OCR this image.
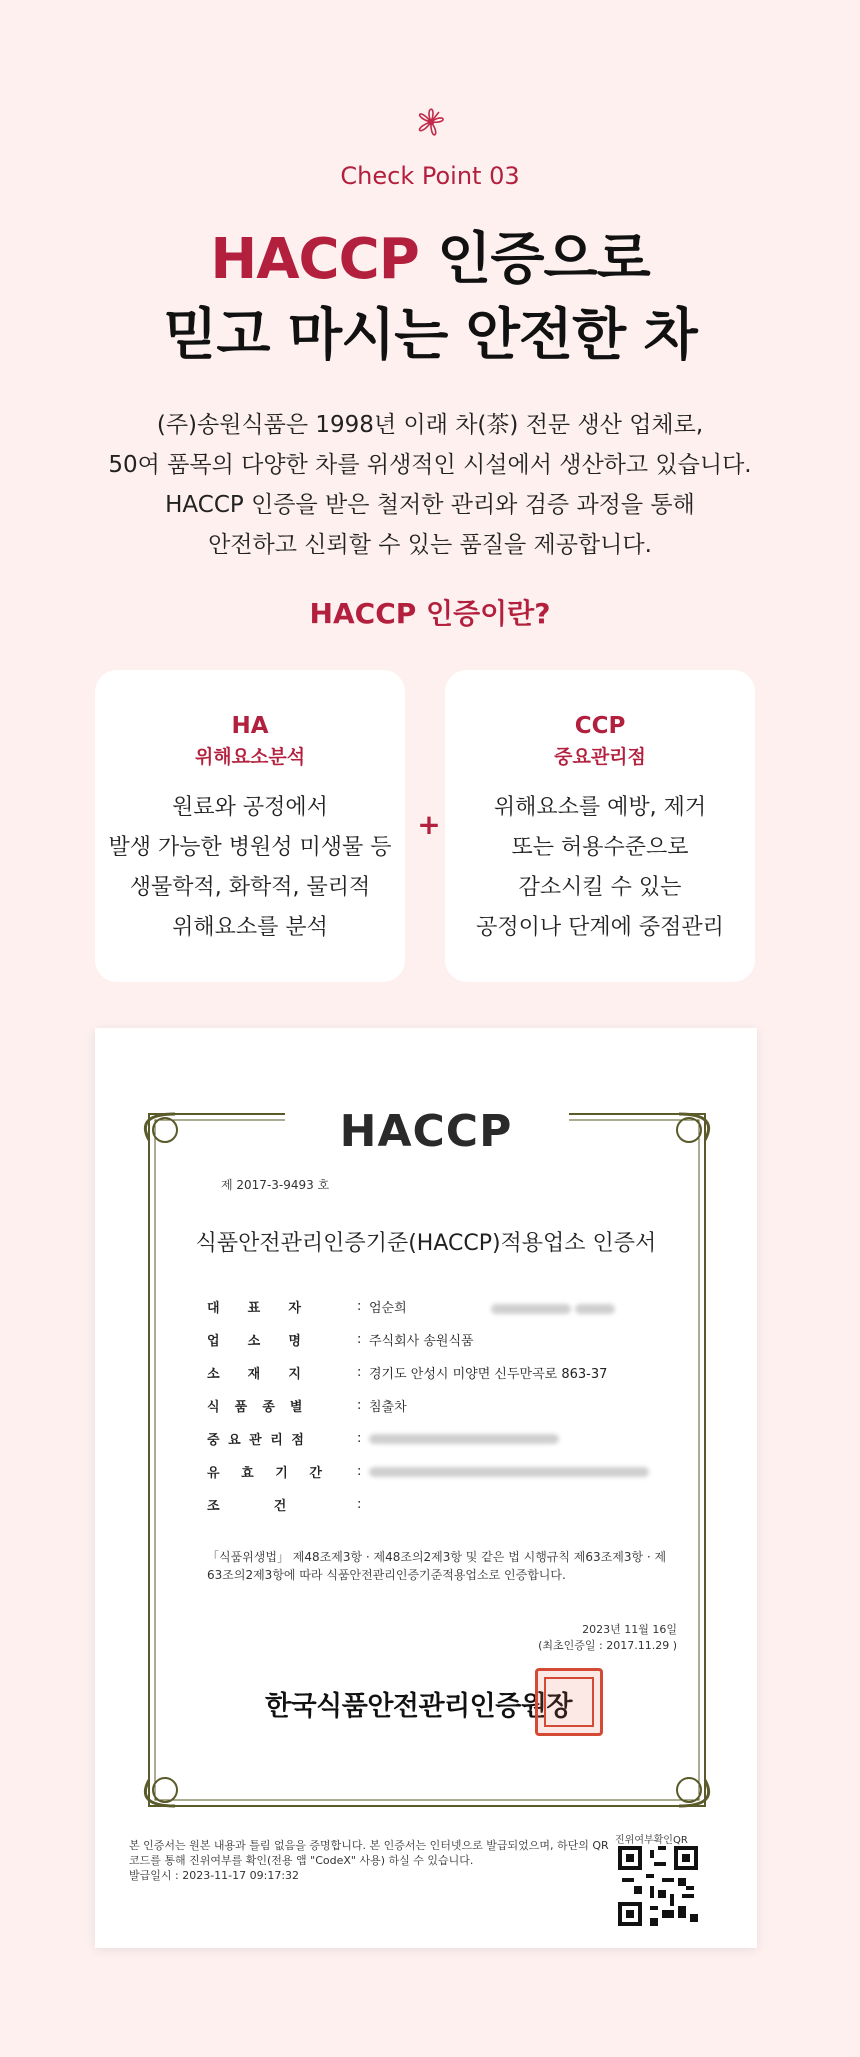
Check Point 03
HACCP 인증으로
믿고 마시는 안전한 차
(주)송원식품은 1998년 이래 차(茶) 전문 생산 업체로,
50여 품목의 다양한 차를 위생적인 시설에서 생산하고 있습니다.
HACCP 인증을 받은 철저한 관리와 검증 과정을 통해
안전하고 신뢰할 수 있는 품질을 제공합니다.
HACCP 인증이란?
HA
위해요소분석
원료와 공정에서
발생 가능한 병원성 미생물 등
생물학적, 화학적, 물리적
위해요소를 분석
+
CCP
중요관리점
위해요소를 예방, 제거
또는 허용수준으로
감소시킬 수 있는
공정이나 단계에 중점관리
HACCP
제 2017-3-9493 호
식품안전관리인증기준(HACCP)적용업소 인증서
대    표    자	: 엄순희
업    소    명	: 주식회사 송원식품
소    재    지	: 경기도 안성시 미양면 신두만곡로 863-37
식  품  종  별	: 침출차
중 요 관 리 점	:
유   효   기   간	:
조        건	:
「식품위생법」 제48조제3항 · 제48조의2제3항 및 같은 법 시행규칙 제63조제3항 · 제63조의2제3항에 따라 식품안전관리인증기준적용업소로 인증합니다.
2023년 11월 16일
(최초인증일 : 2017.11.29 )
한국식품안전관리인증원장
본 인증서는 원본 내용과 틀림 없음을 증명합니다. 본 인증서는 인터넷으로 발급되었으며, 하단의 QR코드를 통해 진위여부를 확인(전용 앱 "CodeX" 사용) 하실 수 있습니다.
발급일시 : 2023-11-17 09:17:32
진위여부확인QR
